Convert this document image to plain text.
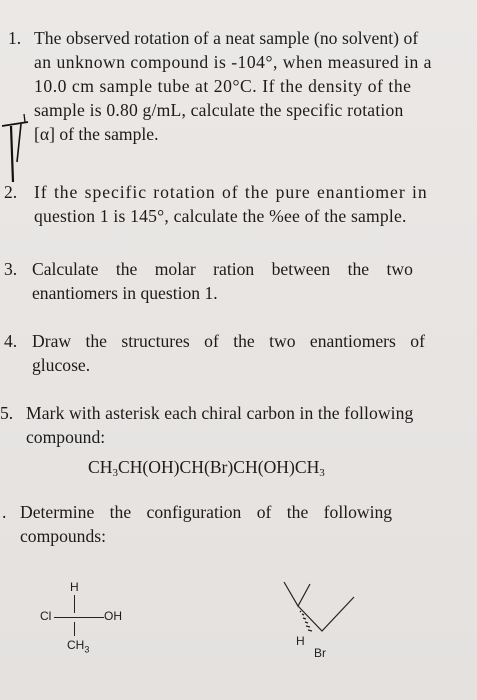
1. The observed rotation of a neat sample (no solvent) of
an unknown compound is -104°, when measured in a
10.0 cm sample tube at 20°C. If the density of the
sample is 0.80 g/mL, calculate the specific rotation
[α] of the sample.
2. If the specific rotation of the pure enantiomer in
question 1 is 145°, calculate the %ee of the sample.
3. Calculate the molar ration between the two
enantiomers in question 1.
4. Draw the structures of the two enantiomers of
glucose.
5. Mark with asterisk each chiral carbon in the following
compound:
$CH_3CH(OH)CH(Br)CH(OH)CH_3$
. Determine the configuration of the following
compounds:
H
Cl	OH
$CH_3$
H
Br
